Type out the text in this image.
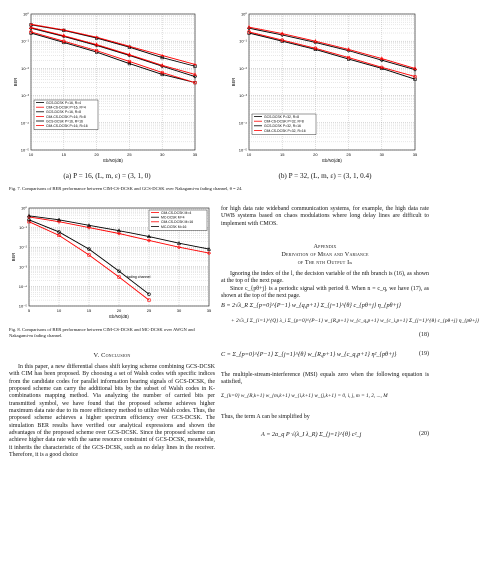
10	15	20	25	30	35
10⁰
10⁻¹
10⁻²
10⁻³
10⁻⁴
10⁻⁵
Eb/N0(dB)
BER
GCS-DCSK P=16, R=4
CIM-CS-DCSK P=16, R=4
GCS-DCSK P=16, R=8
CIM-CS-DCSK P=16, R=8
GCS-DCSK P=16, R=16
CIM-CS-DCSK P=16, R=16
(a) P = 16, (L, m, ε) = (3, 1, 0)
10	15	20	25	30	35
10⁰
10⁻¹
10⁻²
10⁻³
10⁻⁴
10⁻⁵
Eb/N0(dB)
BER
GCS-DCSK P=32, R=8
CIM-CS-DCSK P=32, R=8
GCS-DCSK P=32, R=16
CIM-CS-DCSK P=32, R=16
(b) P = 32, (L, m, ε) = (3, 1, 0.4)
Fig. 7. Comparisons of BER performance between CIM-CS-DCSK and GCS-DCSK over Nakagami-m fading channel, θ = 24.
5	10	15	20	25	30	35
10⁰
10⁻¹
10⁻²
10⁻³
10⁻⁴
10⁻⁵
Eb/N0(dB)
BER
CIM-CS-DCSK M=4
MC-DCSK M=4
CIM-CS-DCSK M=16
MC-DCSK M=16
fading channel
Fig. 8. Comparisons of BER performance between CIM-CS-DCSK and MC-DCSK over AWGN and Nakagami-m fading channel.
V. Conclusion

In this paper, a new differential chaos shift keying scheme combining GCS-DCSK with CIM has been proposed. By choosing a set of Walsh codes with specific indices from the candidate codes for parallel information bearing signals of GCS-DCSK, the proposed scheme can carry the additional bits by the subset of Walsh codes in K-combinations mapping method. Via analyzing the number of carried bits per transmitted symbol, we have found that the proposed scheme achieves higher maximum data rate due to its more efficiency method to utilize Walsh codes. Thus, the proposed scheme achieves a higher spectrum efficiency over GCS-DCSK. The simulation BER results have verified our analytical expressions and shown the advantages of the proposed scheme over GCS-DCSK. Since the proposed scheme can achieve higher data rate with the same resource constraint of GCS-DCSK, meanwhile, it inherits the characteristic of the GCS-DCSK, such as no delay lines in the receiver. Therefore, it is a good choice

for high data rate wideband communication systems, for example, the high data rate UWB systems based on chaos modulations where long delay lines are difficult to implement with CMOS.

Appendix
Derivation of Mean and Variance
of The nth Output Iₙ

Ignoring the index of the l, the decision variable of the nth branch is (16), as shown at the top of the next page.

Since c_{pθ+j} is a periodic signal with period θ. When n = c_q, we have (17), as shown at the top of the next page.

B = 2√λ_R Σ_{p=0}^{P−1} w_{q,p+1} Σ_{j=1}^{θ} c_{pθ+j} η_{pθ+j}
+ 2√λ_I Σ_{i=1}^{Q} λ_i Σ_{p=0}^{P−1} w_{R,p+1} w_{c_q,p+1} w_{c_i,p+1} Σ_{j=1}^{θ} c_{pθ+j} η_{pθ+j}
(18)
C = Σ_{p=0}^{P−1} Σ_{j=1}^{θ} w_{R,p+1} w_{c_q,p+1} η²_{pθ+j}	(19)

The multiple-stream-interference (MSI) equals zero when the following equation is satisfied,

Σ_{k=0} w_{R,k+1} w_{m,k+1} w_{i,k+1} w_{j,k+1} = 0, i, j, m = 1, 2, ..., M

Thus, the term A can be simplified by

A = 2a_q P √(λ_I λ_R) Σ_{j=1}^{θ} c²_j	(20)
